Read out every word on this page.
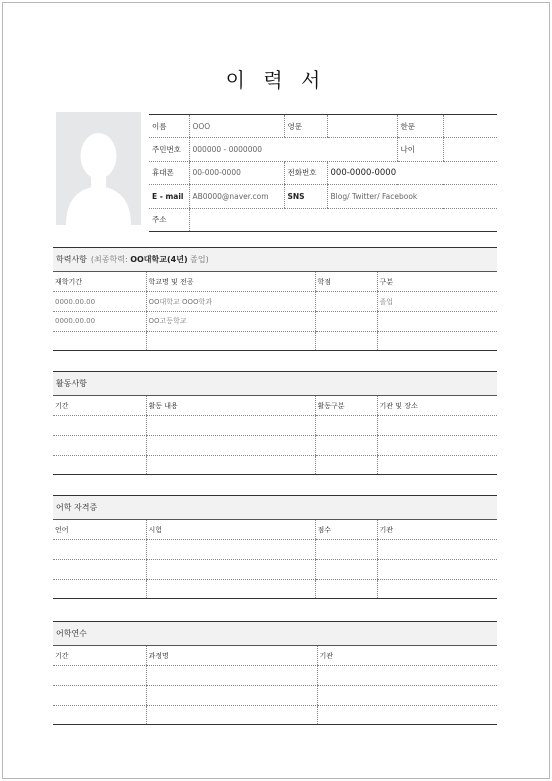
이 력 서
이름	OOO	영문		한문	
주민번호	000000 - 0000000			나이	
휴대폰	00-000-0000	전화번호	000-0000-0000		
E - mail	AB0000@naver.com	SNS	Blog/ Twitter/ Facebook		
주소					
학력사항 (최종학력: OO대학교(4년) 졸업)
재학기간	학교명 및 전공	학점	구분
0000.00.00	OO대학교 OOO학과		졸업
0000.00.00	OO고등학교		

활동사항
기간	활동 내용	활동구분	기관 및 장소

어학 자격증
언어	시험	점수	기관

어학연수
기간	과정명	기관
